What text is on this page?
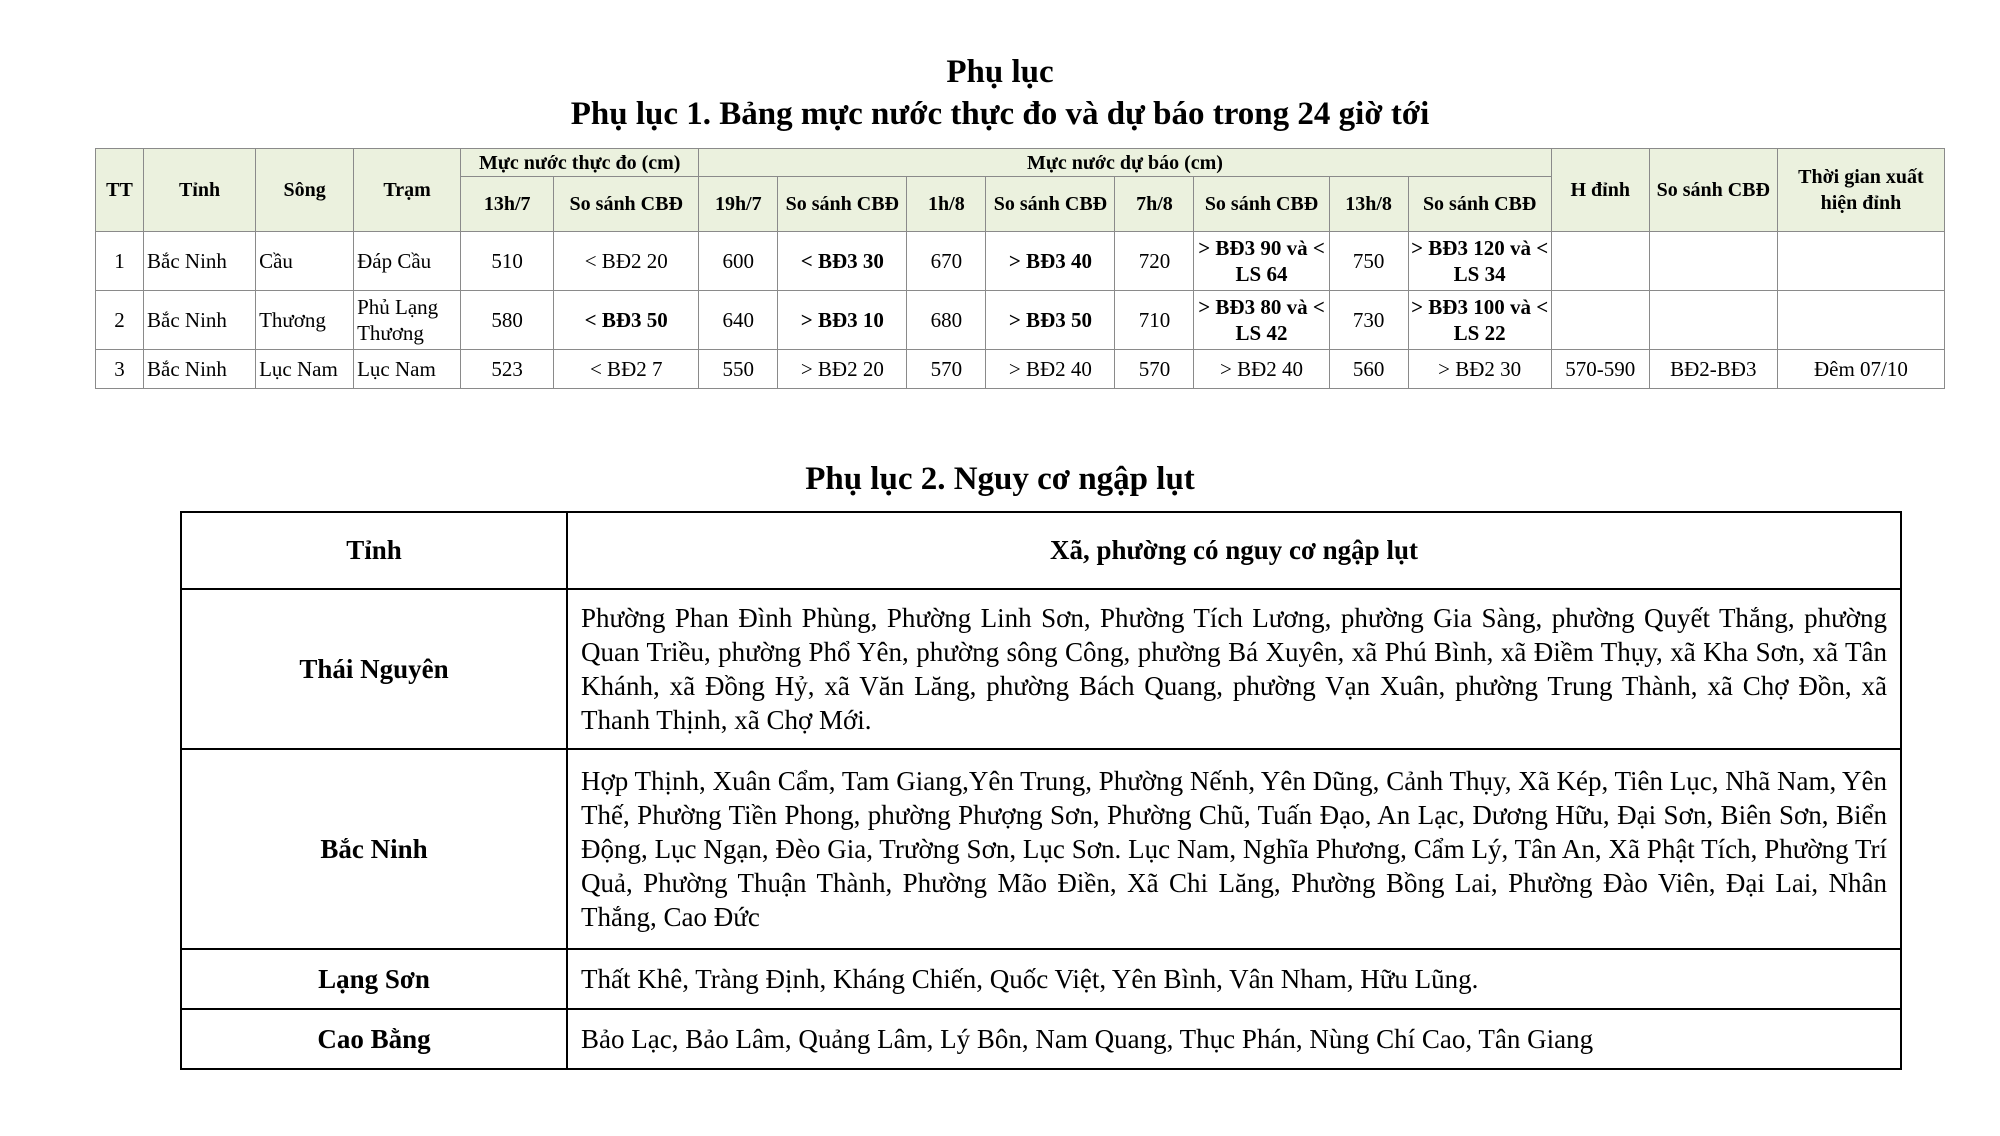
Phụ lục
Phụ lục 1. Bảng mực nước thực đo và dự báo trong 24 giờ tới
TT	Tỉnh	Sông	Trạm	Mực nước thực đo (cm)		Mực nước dự báo (cm)								H đỉnh	So sánh CBĐ	Thời gian xuất hiện đỉnh
				13h/7	So sánh CBĐ	19h/7	So sánh CBĐ	1h/8	So sánh CBĐ	7h/8	So sánh CBĐ	13h/8	So sánh CBĐ			
1	Bắc Ninh	Cầu	Đáp Cầu	510	< BĐ2 20	600	< BĐ3 30	670	> BĐ3 40	720	> BĐ3 90 và < LS 64	750	> BĐ3 120 và < LS 34			
2	Bắc Ninh	Thương	Phủ Lạng Thương	580	< BĐ3 50	640	> BĐ3 10	680	> BĐ3 50	710	> BĐ3 80 và < LS 42	730	> BĐ3 100 và < LS 22			
3	Bắc Ninh	Lục Nam	Lục Nam	523	< BĐ2 7	550	> BĐ2 20	570	> BĐ2 40	570	> BĐ2 40	560	> BĐ2 30	570-590	BĐ2-BĐ3	Đêm 07/10
Phụ lục 2. Nguy cơ ngập lụt
Tỉnh	Xã, phường có nguy cơ ngập lụt
Thái Nguyên	Phường Phan Đình Phùng, Phường Linh Sơn, Phường Tích Lương, phường Gia Sàng, phường Quyết Thắng, phường Quan Triều, phường Phổ Yên, phường sông Công, phường Bá Xuyên, xã Phú Bình, xã Điềm Thụy, xã Kha Sơn, xã Tân Khánh, xã Đồng Hỷ, xã Văn Lăng, phường Bách Quang, phường Vạn Xuân, phường Trung Thành, xã Chợ Đồn, xã Thanh Thịnh, xã Chợ Mới.
Bắc Ninh	Hợp Thịnh, Xuân Cẩm, Tam Giang,Yên Trung, Phường Nếnh, Yên Dũng, Cảnh Thụy, Xã Kép, Tiên Lục, Nhã Nam, Yên Thế, Phường Tiền Phong, phường Phượng Sơn, Phường Chũ, Tuấn Đạo, An Lạc, Dương Hữu, Đại Sơn, Biên Sơn, Biển Động, Lục Ngạn, Đèo Gia, Trường Sơn, Lục Sơn. Lục Nam, Nghĩa Phương, Cẩm Lý, Tân An, Xã Phật Tích, Phường Trí Quả, Phường Thuận Thành, Phường Mão Điền, Xã Chi Lăng, Phường Bồng Lai, Phường Đào Viên, Đại Lai, Nhân Thắng, Cao Đức
Lạng Sơn	Thất Khê, Tràng Định, Kháng Chiến, Quốc Việt, Yên Bình, Vân Nham, Hữu Lũng.
Cao Bằng	Bảo Lạc, Bảo Lâm, Quảng Lâm, Lý Bôn, Nam Quang, Thục Phán, Nùng Chí Cao, Tân Giang
